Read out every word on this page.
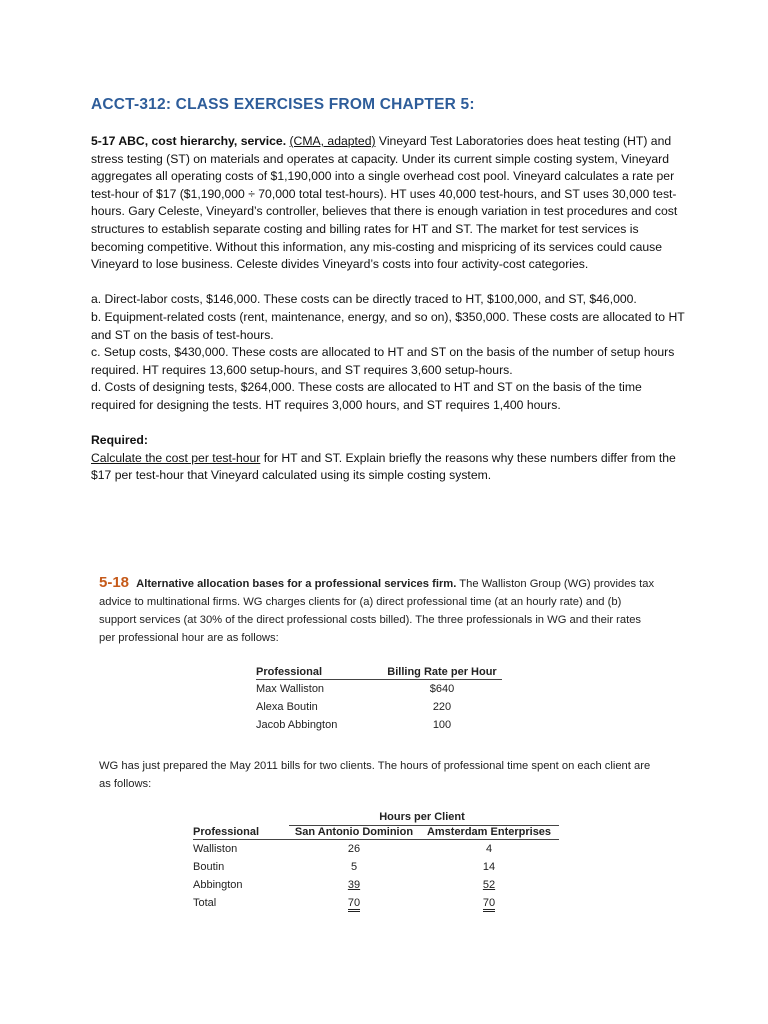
ACCT-312: CLASS EXERCISES FROM CHAPTER 5:

5-17 ABC, cost hierarchy, service. (CMA, adapted) Vineyard Test Laboratories does heat testing (HT) and stress testing (ST) on materials and operates at capacity. Under its current simple costing system, Vineyard aggregates all operating costs of $1,190,000 into a single overhead cost pool. Vineyard calculates a rate per test-hour of $17 ($1,190,000 ÷ 70,000 total test-hours). HT uses 40,000 test-hours, and ST uses 30,000 test-hours. Gary Celeste, Vineyard’s controller, believes that there is enough variation in test procedures and cost structures to establish separate costing and billing rates for HT and ST. The market for test services is becoming competitive. Without this information, any mis-costing and mispricing of its services could cause Vineyard to lose business. Celeste divides Vineyard’s costs into four activity-cost categories.

a. Direct-labor costs, $146,000. These costs can be directly traced to HT, $100,000, and ST, $46,000.

b. Equipment-related costs (rent, maintenance, energy, and so on), $350,000. These costs are allocated to HT and ST on the basis of test-hours.

c. Setup costs, $430,000. These costs are allocated to HT and ST on the basis of the number of setup hours required. HT requires 13,600 setup-hours, and ST requires 3,600 setup-hours.

d. Costs of designing tests, $264,000. These costs are allocated to HT and ST on the basis of the time required for designing the tests. HT requires 3,000 hours, and ST requires 1,400 hours.

Required:

Calculate the cost per test-hour for HT and ST. Explain briefly the reasons why these numbers differ from the $17 per test-hour that Vineyard calculated using its simple costing system.

5-18 Alternative allocation bases for a professional services firm. The Walliston Group (WG) provides tax advice to multinational firms. WG charges clients for (a) direct professional time (at an hourly rate) and (b) support services (at 30% of the direct professional costs billed). The three professionals in WG and their rates per professional hour are as follows:

Professional	Billing Rate per Hour
Max Walliston	$640
Alexa Boutin	220
Jacob Abbington	100

WG has just prepared the May 2011 bills for two clients. The hours of professional time spent on each client are as follows:

	Hours per Client	
Professional	San Antonio Dominion	Amsterdam Enterprises
Walliston	26	4
Boutin	5	14
Abbington	39	52
Total	70	70
